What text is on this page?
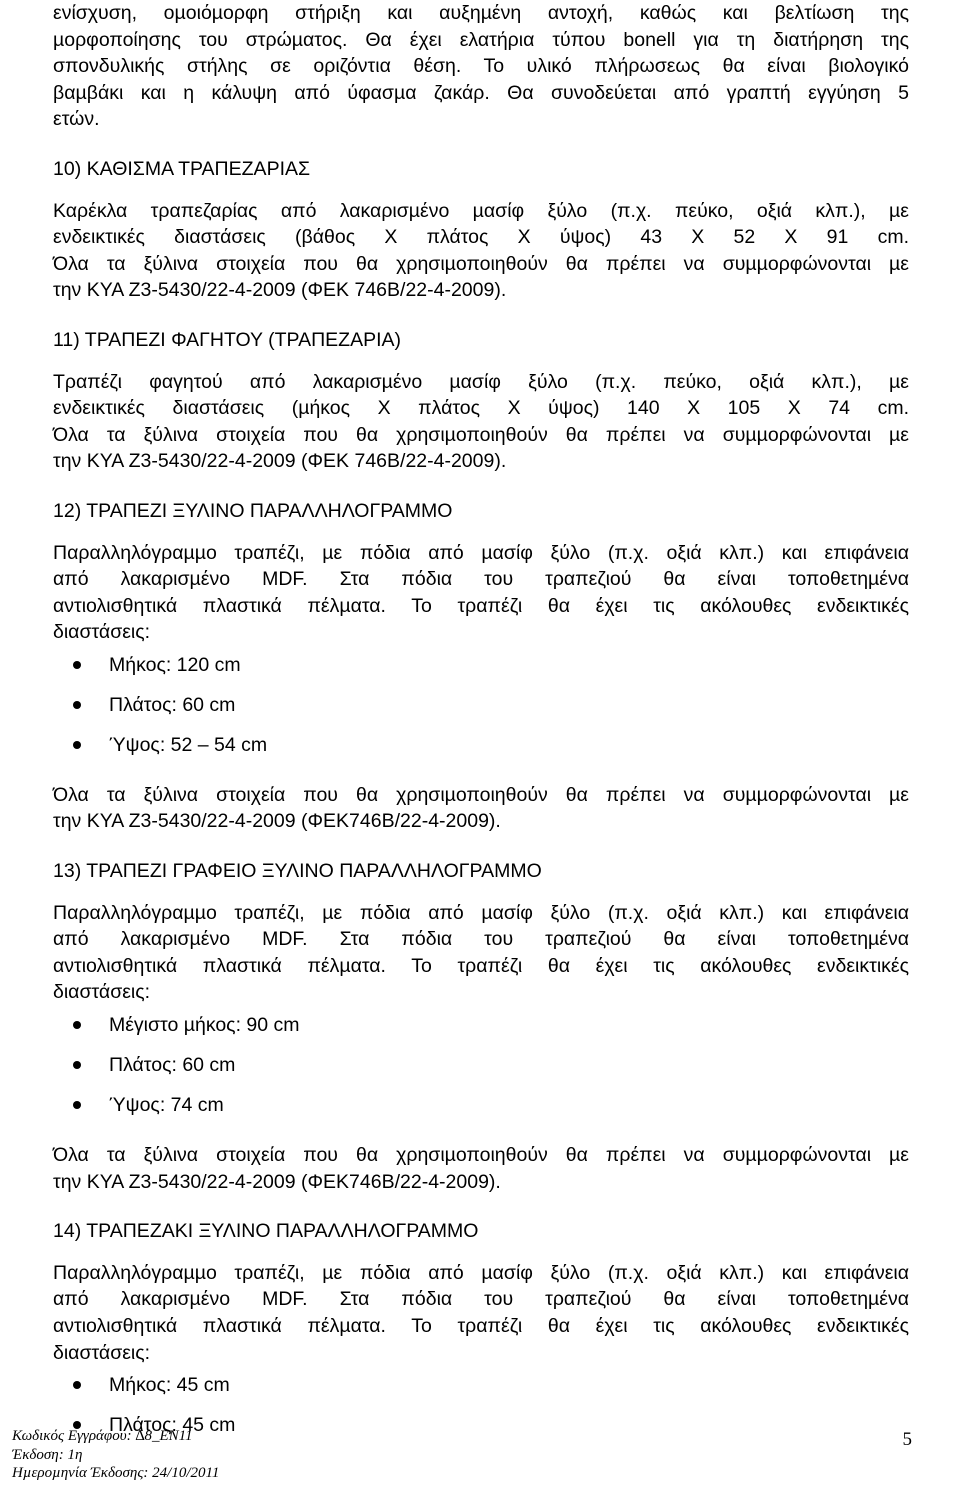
ενίσχυση, οµοιόµορφη στήριξη και αυξηµένη αντοχή, καθώς και βελτίωση της
µορφοποίησης του στρώµατος. Θα έχει ελατήρια τύπου bonell για τη διατήρηση της
σπονδυλικής στήλης σε οριζόντια θέση. Το υλικό πλήρωσεως θα είναι βιολογικό
βαµβάκι και η κάλυψη από ύφασµα ζακάρ. Θα συνοδεύεται από γραπτή εγγύηση 5
ετών.
10) ΚΑΘΙΣΜΑ ΤΡΑΠΕΖΑΡΙΑΣ
Καρέκλα τραπεζαρίας από λακαρισµένο µασίφ ξύλο (π.χ. πεύκο, οξιά κλπ.), µε
ενδεικτικές διαστάσεις (βάθος Χ πλάτος Χ ύψος) 43 Χ 52 Χ 91 cm.
Όλα τα ξύλινα στοιχεία που θα χρησιµοποιηθούν θα πρέπει να συµµορφώνονται µε
την ΚΥΑ Ζ3-5430/22-4-2009 (ΦΕΚ 746Β/22-4-2009).
11) ΤΡΑΠΕΖΙ ΦΑΓΗΤΟΥ (ΤΡΑΠΕΖΑΡΙΑ)
Τραπέζι φαγητού από λακαρισµένο µασίφ ξύλο (π.χ. πεύκο, οξιά κλπ.), µε
ενδεικτικές διαστάσεις (µήκος Χ πλάτος Χ ύψος) 140 Χ 105 Χ 74 cm.
Όλα τα ξύλινα στοιχεία που θα χρησιµοποιηθούν θα πρέπει να συµµορφώνονται µε
την ΚΥΑ Ζ3-5430/22-4-2009 (ΦΕΚ 746Β/22-4-2009).
12) ΤΡΑΠΕΖΙ ΞΥΛΙΝΟ ΠΑΡΑΛΛΗΛΟΓΡΑΜΜΟ
Παραλληλόγραµµο τραπέζι, µε πόδια από µασίφ ξύλο (π.χ. οξιά κλπ.) και επιφάνεια
από λακαρισµένο MDF. Στα πόδια του τραπεζιού θα είναι τοποθετηµένα
αντιολισθητικά πλαστικά πέλµατα. Το τραπέζι θα έχει τις ακόλουθες ενδεικτικές
διαστάσεις:
Μήκος: 120 cm
Πλάτος: 60 cm
Ύψος: 52 – 54 cm
Όλα τα ξύλινα στοιχεία που θα χρησιµοποιηθούν θα πρέπει να συµµορφώνονται µε
την ΚΥΑ Ζ3-5430/22-4-2009 (ΦΕΚ746Β/22-4-2009).
13) ΤΡΑΠΕΖΙ ΓΡΑΦΕΙΟ ΞΥΛΙΝΟ ΠΑΡΑΛΛΗΛΟΓΡΑΜΜΟ
Παραλληλόγραµµο τραπέζι, µε πόδια από µασίφ ξύλο (π.χ. οξιά κλπ.) και επιφάνεια
από λακαρισµένο MDF. Στα πόδια του τραπεζιού θα είναι τοποθετηµένα
αντιολισθητικά πλαστικά πέλµατα. Το τραπέζι θα έχει τις ακόλουθες ενδεικτικές
διαστάσεις:
Μέγιστο µήκος: 90 cm
Πλάτος: 60 cm
Ύψος: 74 cm
Όλα τα ξύλινα στοιχεία που θα χρησιµοποιηθούν θα πρέπει να συµµορφώνονται µε
την ΚΥΑ Ζ3-5430/22-4-2009 (ΦΕΚ746Β/22-4-2009).
14) ΤΡΑΠΕΖΑΚΙ ΞΥΛΙΝΟ ΠΑΡΑΛΛΗΛΟΓΡΑΜΜΟ
Παραλληλόγραµµο τραπέζι, µε πόδια από µασίφ ξύλο (π.χ. οξιά κλπ.) και επιφάνεια
από λακαρισµένο MDF. Στα πόδια του τραπεζιού θα είναι τοποθετηµένα
αντιολισθητικά πλαστικά πέλµατα. Το τραπέζι θα έχει τις ακόλουθες ενδεικτικές
διαστάσεις:
Μήκος: 45 cm
Πλάτος: 45 cm
Κωδικός Εγγράφου: ∆8_ΕΝ11
Έκδοση: 1η
Ηµεροµηνία Έκδοσης: 24/10/2011
5
